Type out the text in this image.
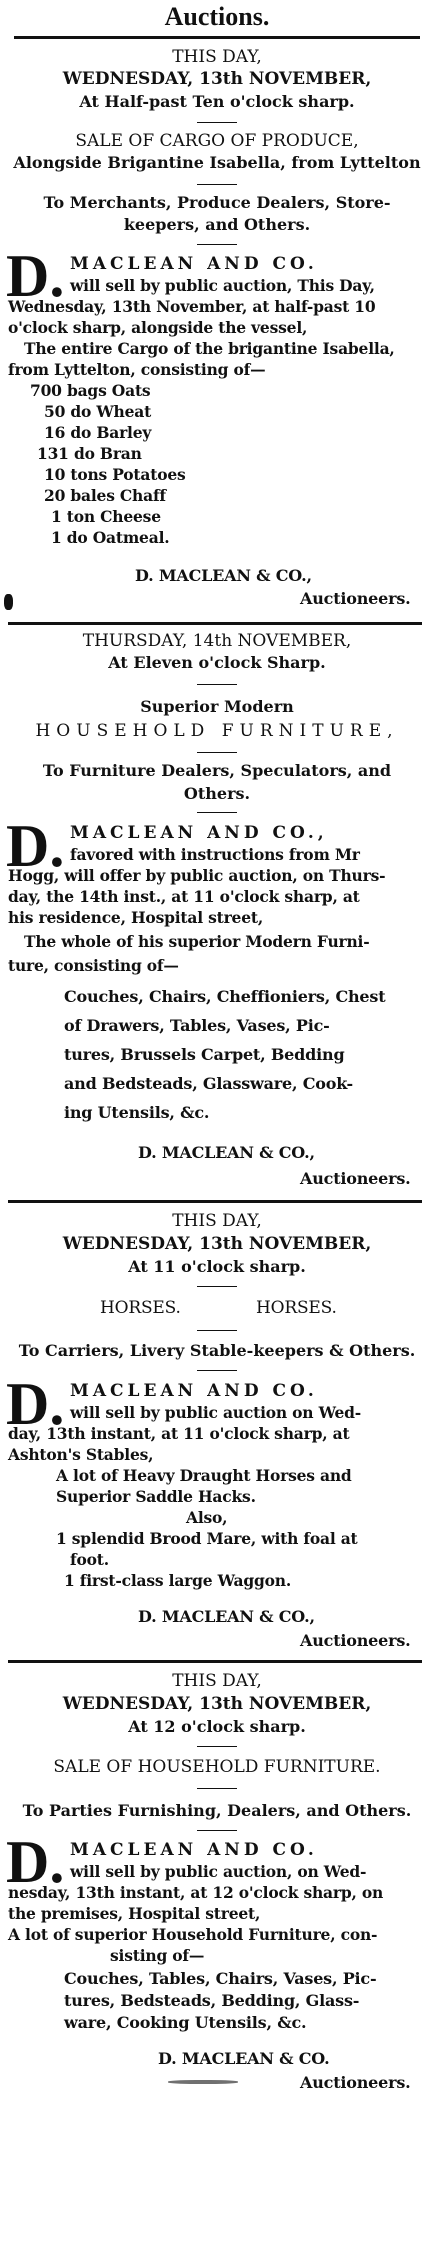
Auctions.
THIS DAY,
WEDNESDAY, 13th NOVEMBER,
At Half-past Ten o'clock sharp.
SALE OF CARGO OF PRODUCE,
Alongside Brigantine Isabella, from Lyttelton
To Merchants, Produce Dealers, Store-
keepers, and Others.
D. MACLEAN AND CO.
will sell by public auction, This Day,
Wednesday, 13th November, at half-past 10
o'clock sharp, alongside the vessel,
The entire Cargo of the brigantine Isabella,
from Lyttelton, consisting of—
700 bags Oats
50 do Wheat
16 do Barley
131 do Bran
10 tons Potatoes
20 bales Chaff
1 ton Cheese
1 do Oatmeal.
D. MACLEAN & CO.,
Auctioneers.
THURSDAY, 14th NOVEMBER,
At Eleven o'clock Sharp.
Superior Modern
HOUSEHOLD FURNITURE,
To Furniture Dealers, Speculators, and
Others.
D. MACLEAN AND CO.,
favored with instructions from Mr
Hogg, will offer by public auction, on Thurs-
day, the 14th inst., at 11 o'clock sharp, at
his residence, Hospital street,
The whole of his superior Modern Furni-
ture, consisting of—
Couches, Chairs, Cheffioniers, Chest
of Drawers, Tables, Vases, Pic-
tures, Brussels Carpet, Bedding
and Bedsteads, Glassware, Cook-
ing Utensils, &c.
D. MACLEAN & CO.,
Auctioneers.
THIS DAY,
WEDNESDAY, 13th NOVEMBER,
At 11 o'clock sharp.
HORSES.	HORSES.
To Carriers, Livery Stable-keepers & Others.
D. MACLEAN AND CO.
will sell by public auction on Wed-
day, 13th instant, at 11 o'clock sharp, at
Ashton's Stables,
A lot of Heavy Draught Horses and
Superior Saddle Hacks.
Also,
1 splendid Brood Mare, with foal at
foot.
1 first-class large Waggon.
D. MACLEAN & CO.,
Auctioneers.
THIS DAY,
WEDNESDAY, 13th NOVEMBER,
At 12 o'clock sharp.
SALE OF HOUSEHOLD FURNITURE.
To Parties Furnishing, Dealers, and Others.
D. MACLEAN AND CO.
will sell by public auction, on Wed-
nesday, 13th instant, at 12 o'clock sharp, on
the premises, Hospital street,
A lot of superior Household Furniture, con-
sisting of—
Couches, Tables, Chairs, Vases, Pic-
tures, Bedsteads, Bedding, Glass-
ware, Cooking Utensils, &c.
D. MACLEAN & CO.
Auctioneers.
